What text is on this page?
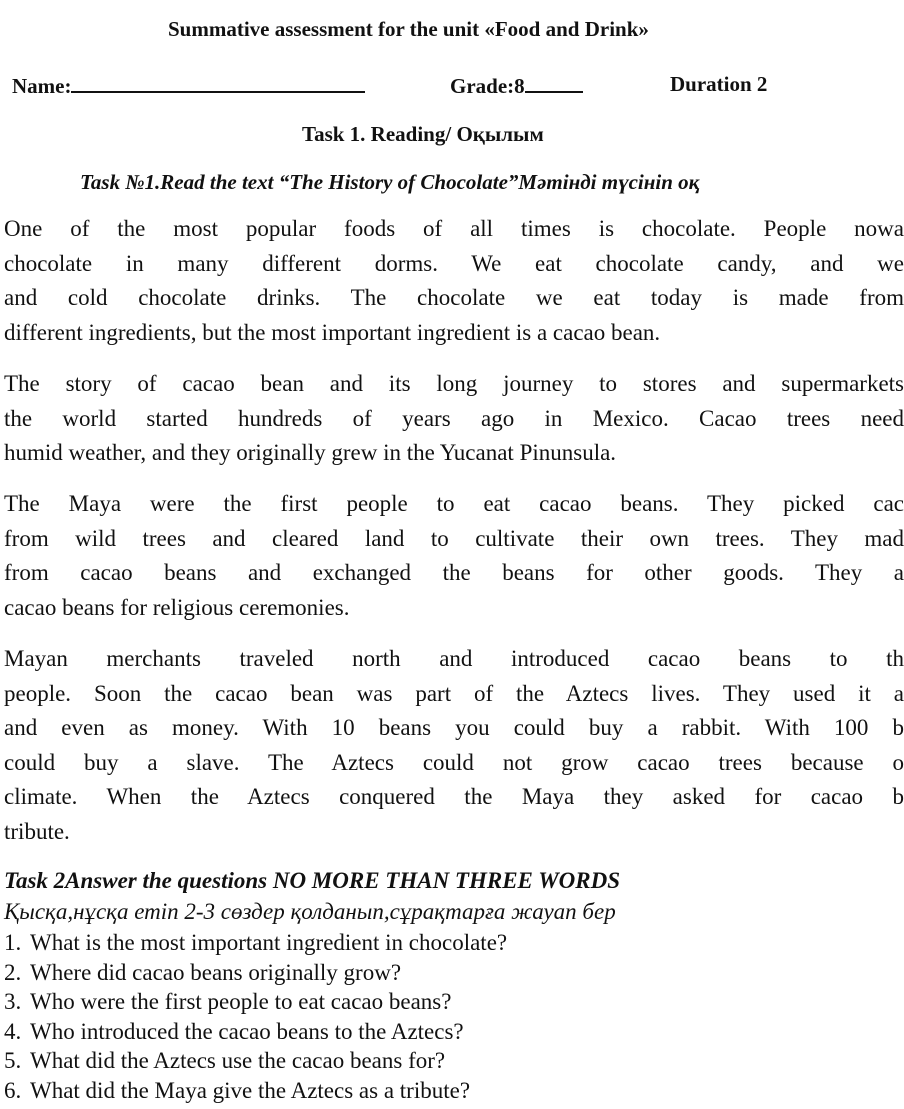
Summative assessment for the unit «Food and Drink»
Name:	Grade:8	Duration 2
Task 1. Reading/ Оқылым
Task №1.Read the text “The History of Chocolate”Мәтінді түсініп оқ
One of the most popular foods of all times is chocolate. People nowa
chocolate in many different dorms. We eat chocolate candy, and we
and cold chocolate drinks. The chocolate we eat today is made from
different ingredients, but the most important ingredient is a cacao bean.
The story of cacao bean and its long journey to stores and supermarkets
the world started hundreds of years ago in Mexico. Cacao trees need
humid weather, and they originally grew in the Yucanat Pinunsula.
The Maya were the first people to eat cacao beans. They picked cac
from wild trees and cleared land to cultivate their own trees. They mad
from cacao beans and exchanged the beans for other goods. They a
cacao beans for religious ceremonies.
Mayan merchants traveled north and introduced cacao beans to th
people. Soon the cacao bean was part of the Aztecs lives. They used it a
and even as money. With 10 beans you could buy a rabbit. With 100 b
could buy a slave. The Aztecs could not grow cacao trees because o
climate. When the Aztecs conquered the Maya they asked for cacao b
tribute.
Task 2Answer the questions NO MORE THAN THREE WORDS
Қысқа,нұсқа етіп 2-3 сөздер қолданып,сұрақтарға жауап бер
1. What is the most important ingredient in chocolate?
2. Where did cacao beans originally grow?
3. Who were the first people to eat cacao beans?
4. Who introduced the cacao beans to the Aztecs?
5. What did the Aztecs use the cacao beans for?
6. What did the Maya give the Aztecs as a tribute?
